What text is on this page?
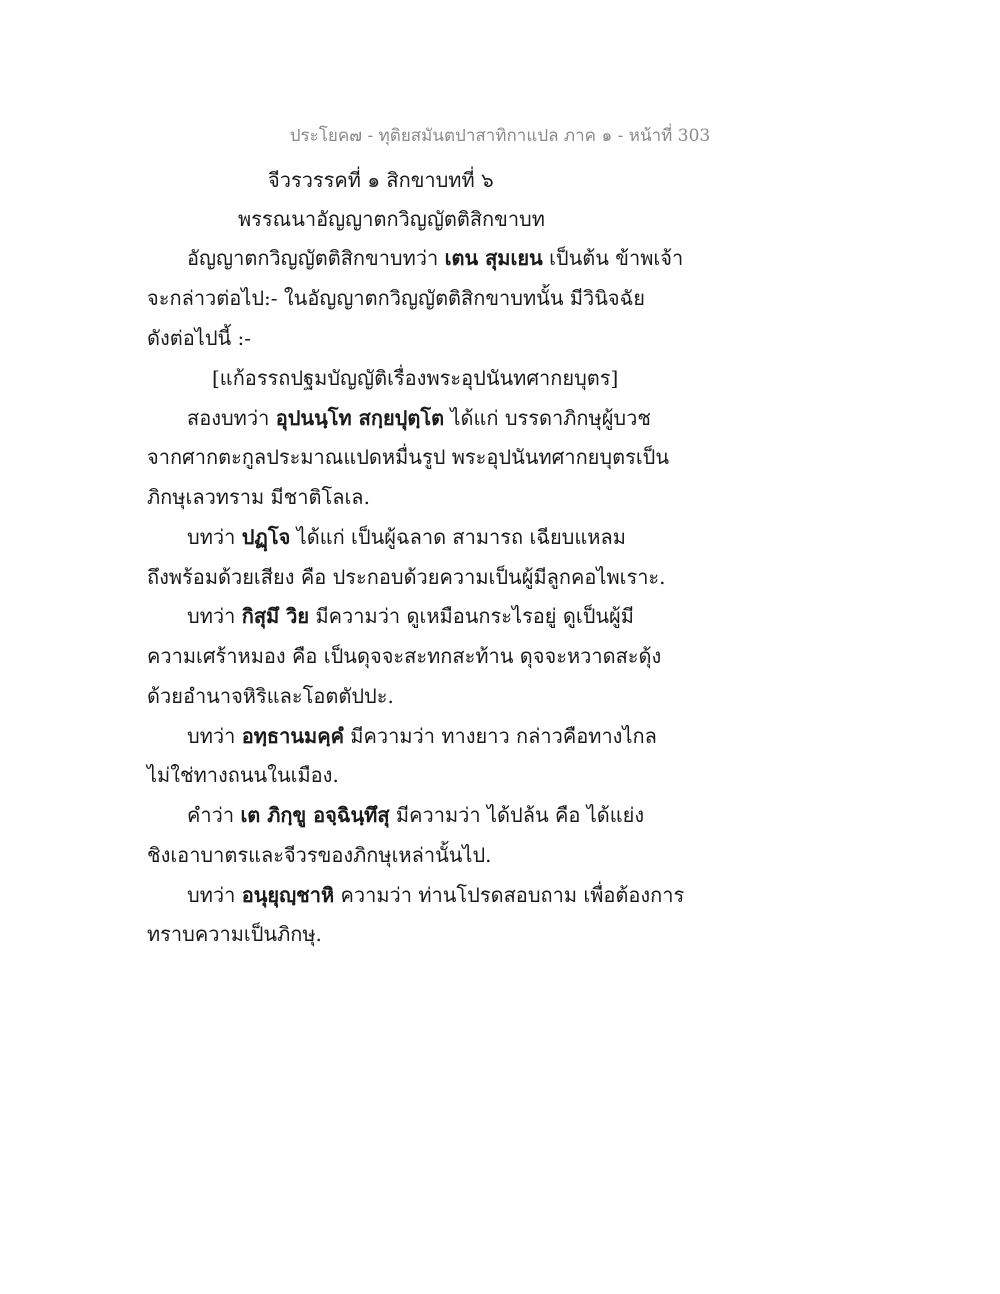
ประโยค๗ - ทุติยสมันตปาสาทิกาแปล ภาค ๑ - หน้าที่ 303
จีวรวรรคที่ ๑ สิกขาบทที่ ๖
พรรณนาอัญญาตกวิญญัตติสิกขาบท
อัญญาตกวิญญัตติสิกขาบทว่า เตน สุมเยน เป็นต้น ข้าพเจ้า
จะกล่าวต่อไป:- ในอัญญาตกวิญญัตติสิกขาบทนั้น มีวินิจฉัย
ดังต่อไปนี้ :-
[แก้อรรถปฐมบัญญัติเรื่องพระอุปนันทศากยบุตร]
สองบทว่า อุปนนฺโท สกฺยปุตฺโต ได้แก่ บรรดาภิกษุผู้บวช
จากศากตะกูลประมาณแปดหมื่นรูป พระอุปนันทศากยบุตรเป็น
ภิกษุเลวทราม มีชาติโลเล.
บทว่า ปฏฺโจ ได้แก่ เป็นผู้ฉลาด สามารถ เฉียบแหลม
ถึงพร้อมด้วยเสียง คือ ประกอบด้วยความเป็นผู้มีลูกคอไพเราะ.
บทว่า กิสุมึ วิย มีความว่า ดูเหมือนกระไรอยู่ ดูเป็นผู้มี
ความเศร้าหมอง คือ เป็นดุจจะสะทกสะท้าน ดุจจะหวาดสะดุ้ง
ด้วยอำนาจหิริและโอตตัปปะ.
บทว่า อทฺธานมคฺคํ มีความว่า ทางยาว กล่าวคือทางไกล
ไม่ใช่ทางถนนในเมือง.
คำว่า เต ภิกฺขู อจฺฉินฺทึสุ มีความว่า ได้ปล้น คือ ได้แย่ง
ชิงเอาบาตรและจีวรของภิกษุเหล่านั้นไป.
บทว่า อนุยุญฺชาหิ ความว่า ท่านโปรดสอบถาม เพื่อต้องการ
ทราบความเป็นภิกษุ.
